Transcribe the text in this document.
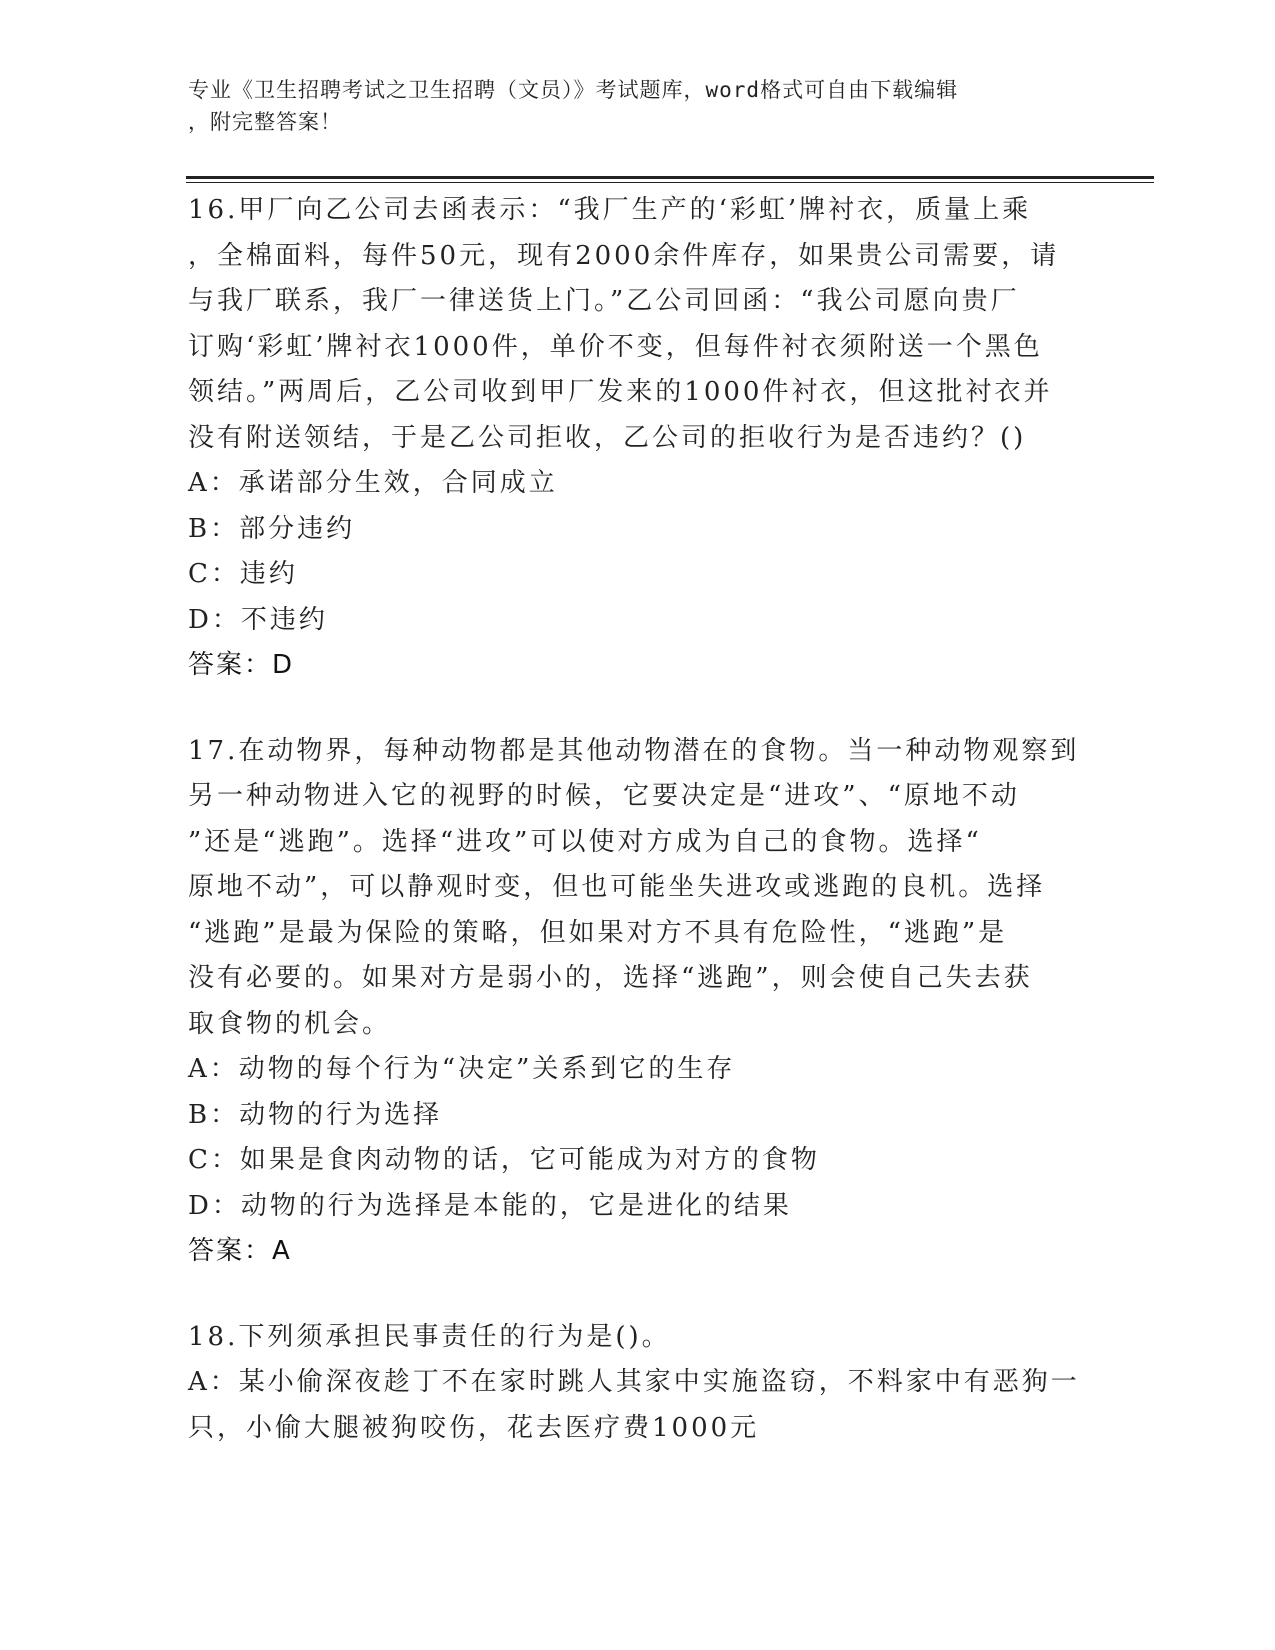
专业《卫生招聘考试之卫生招聘（文员）》考试题库，word格式可自由下载编辑
，附完整答案！
16.甲厂向乙公司去函表示：“我厂生产的‘彩虹’牌衬衣，质量上乘
，全棉面料，每件50元，现有2000余件库存，如果贵公司需要，请
与我厂联系，我厂一律送货上门。”乙公司回函：“我公司愿向贵厂
订购‘彩虹’牌衬衣1000件，单价不变，但每件衬衣须附送一个黑色
领结。”两周后，乙公司收到甲厂发来的1000件衬衣，但这批衬衣并
没有附送领结，于是乙公司拒收，乙公司的拒收行为是否违约？()
A：承诺部分生效，合同成立
B：部分违约
C：违约
D：不违约
答案：D
17.在动物界，每种动物都是其他动物潜在的食物。当一种动物观察到
另一种动物进入它的视野的时候，它要决定是“进攻”、“原地不动
”还是“逃跑”。选择“进攻”可以使对方成为自己的食物。选择“
原地不动”，可以静观时变，但也可能坐失进攻或逃跑的良机。选择
“逃跑”是最为保险的策略，但如果对方不具有危险性，“逃跑”是
没有必要的。如果对方是弱小的，选择“逃跑”，则会使自己失去获
取食物的机会。
A：动物的每个行为“决定”关系到它的生存
B：动物的行为选择
C：如果是食肉动物的话，它可能成为对方的食物
D：动物的行为选择是本能的，它是进化的结果
答案：A
18.下列须承担民事责任的行为是()。
A：某小偷深夜趁丁不在家时跳人其家中实施盗窃，不料家中有恶狗一
只，小偷大腿被狗咬伤，花去医疗费1000元
